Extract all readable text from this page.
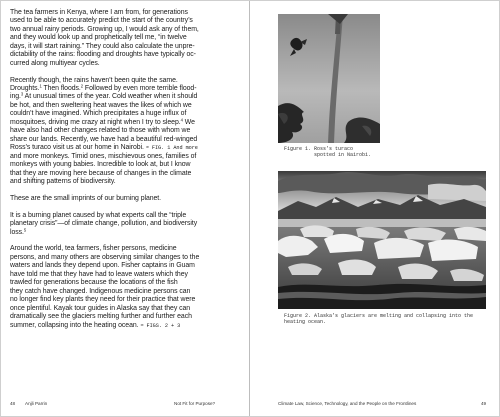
The tea farmers in Kenya, where I am from, for generations
used to be able to accurately predict the start of the country’s
two annual rainy periods. Growing up, I would ask any of them,
and they would look up and prophetically tell me, “in twelve
days, it will start raining.” They could also calculate the unpre-
dictability of the rains: flooding and droughts have typically oc-
curred along multiyear cycles.

Recently though, the rains haven’t been quite the same.
Droughts.$^1$ Then floods.$^2$ Followed by even more terrible flood-
ing.$^3$ At unusual times of the year. Cold weather when it should
be hot, and then sweltering heat waves the likes of which we
couldn’t have imagined. Which precipitates a huge influx of
mosquitoes, driving me crazy at night when I try to sleep.$^4$ We
have also had other changes related to those with whom we
share our lands. Recently, we have had a beautiful red-winged
Ross’s turaco visit us at our home in Nairobi. ≈ FIG. 1 And more
and more monkeys. Timid ones, mischievous ones, families of
monkeys with young babies. Incredible to look at, but I know
that they are moving here because of changes in the climate
and shifting patterns of biodiversity.

These are the small imprints of our burning planet.

It is a burning planet caused by what experts call the “triple
planetary crisis”—of climate change, pollution, and biodiversity
loss.$^5$

Around the world, tea farmers, fisher persons, medicine
persons, and many others are observing similar changes to the
waters and lands they depend upon. Fisher captains in Guam
have told me that they have had to leave waters which they
trawled for generations because the locations of the fish
they catch have changed. Indigenous medicine persons can
no longer find key plants they need for their practice that were
once plentiful. Kayak tour guides in Alaska say that they can
dramatically see the glaciers melting further and further each
summer, collapsing into the heating ocean. ≈ FIGS. 2 + 3

48 Anjli Parrin	Not Fit for Purpose?
Figure 1. Ross’s turaco
spotted in Nairobi.
Figure 2. Alaska’s glaciers are melting and collapsing into the
heating ocean.
Climate Law, Science, Technology, and the People on the Frontlines	49
